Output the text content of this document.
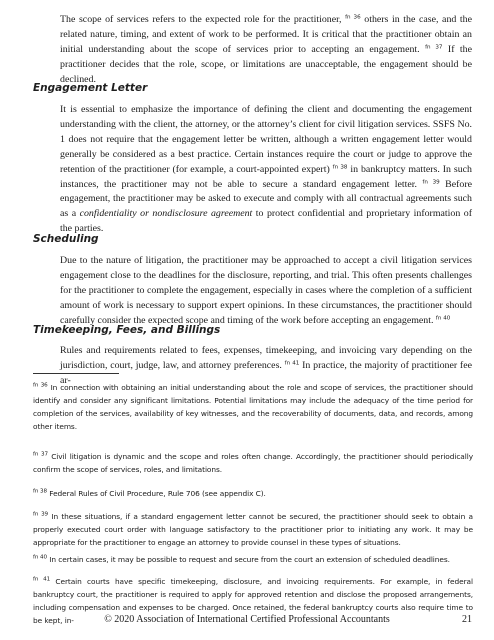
The scope of services refers to the expected role for the practitioner, $^{fn 36}$ others in the case, and the related nature, timing, and extent of work to be performed. It is critical that the practitioner obtain an initial understanding about the scope of services prior to accepting an engagement. $^{fn 37}$ If the practitioner decides that the role, scope, or limitations are unacceptable, the engagement should be declined.

Engagement Letter

It is essential to emphasize the importance of defining the client and documenting the engagement understanding with the client, the attorney, or the attorney’s client for civil litigation services. SSFS No. 1 does not require that the engagement letter be written, although a written engagement letter would generally be considered as a best practice. Certain instances require the court or judge to approve the retention of the practitioner (for example, a court-appointed expert) $^{fn 38}$ in bankruptcy matters. In such instances, the practitioner may not be able to secure a standard engagement letter. $^{fn 39}$ Before engagement, the practitioner may be asked to execute and comply with all contractual agreements such as a confidentiality or nondisclosure agreement to protect confidential and proprietary information of the parties.

Scheduling

Due to the nature of litigation, the practitioner may be approached to accept a civil litigation services engagement close to the deadlines for the disclosure, reporting, and trial. This often presents challenges for the practitioner to complete the engagement, especially in cases where the completion of a sufficient amount of work is necessary to support expert opinions. In these circumstances, the practitioner should carefully consider the expected scope and timing of the work before accepting an engagement. $^{fn 40}$

Timekeeping, Fees, and Billings

Rules and requirements related to fees, expenses, timekeeping, and invoicing vary depending on the jurisdiction, court, judge, law, and attorney preferences. $^{fn 41}$ In practice, the majority of practitioner fee ar-

$^{fn 36}$ In connection with obtaining an initial understanding about the role and scope of services, the practitioner should identify and consider any significant limitations. Potential limitations may include the adequacy of the time period for completion of the services, availability of key witnesses, and the recoverability of documents, data, and records, among other items.

$^{fn 37}$ Civil litigation is dynamic and the scope and roles often change. Accordingly, the practitioner should periodically confirm the scope of services, roles, and limitations.

$^{fn 38}$ Federal Rules of Civil Procedure, Rule 706 (see appendix C).

$^{fn 39}$ In these situations, if a standard engagement letter cannot be secured, the practitioner should seek to obtain a properly executed court order with language satisfactory to the practitioner prior to initiating any work. It may be appropriate for the practitioner to engage an attorney to provide counsel in these types of situations.

$^{fn 40}$ In certain cases, it may be possible to request and secure from the court an extension of scheduled deadlines.

$^{fn 41}$ Certain courts have specific timekeeping, disclosure, and invoicing requirements. For example, in federal bankruptcy court, the practitioner is required to apply for approved retention and disclose the proposed arrangements, including compensation and expenses to be charged. Once retained, the federal bankruptcy courts also require time to be kept, in-	© 2020 Association of International Certified Professional Accountants	21
